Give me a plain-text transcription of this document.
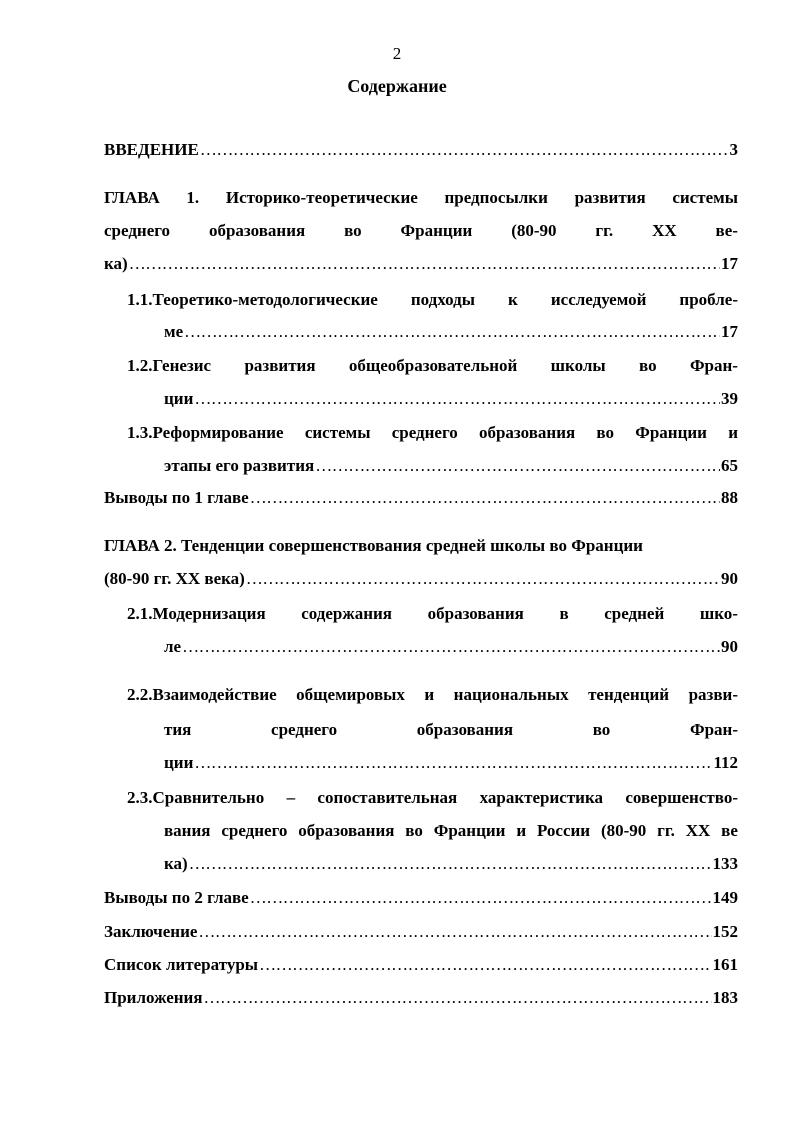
2
Содержание
ВВЕДЕНИЕ ………………………………………………………………………………………………………………………………………………………………	3
ГЛАВА 1. Историко-теоретические предпосылки развития системы
среднего образования во Франции (80-90 гг. XX ве-
ка) ………………………………………………………………………………………………………………………………………………………………	17
1.1.Теоретико-методологические подходы к исследуемой пробле-
ме ………………………………………………………………………………………………………………………………………………………………	17
1.2.Генезис развития общеобразовательной школы во Фран-
ции ………………………………………………………………………………………………………………………………………………………………	39
1.3.Реформирование системы среднего образования во Франции и
этапы его развития ………………………………………………………………………………………………………………………………………………………………	65
Выводы по 1 главе ………………………………………………………………………………………………………………………………………………………………	88
ГЛАВА 2. Тенденции совершенствования средней школы во Франции
(80-90 гг. XX века) ………………………………………………………………………………………………………………………………………………………………	90
2.1.Модернизация содержания образования в средней шко-
ле ………………………………………………………………………………………………………………………………………………………………	90
2.2.Взаимодействие общемировых и национальных тенденций разви-
тия	среднего	образования	во	Фран-
ции ………………………………………………………………………………………………………………………………………………………………	112
2.3.Сравнительно – сопоставительная характеристика совершенство-
вания среднего образования во Франции и России (80-90 гг. XX ве
ка) ………………………………………………………………………………………………………………………………………………………………	133
Выводы по 2 главе ………………………………………………………………………………………………………………………………………………………………	149
Заключение ………………………………………………………………………………………………………………………………………………………………	152
Список литературы ………………………………………………………………………………………………………………………………………………………………	161
Приложения ………………………………………………………………………………………………………………………………………………………………	183
